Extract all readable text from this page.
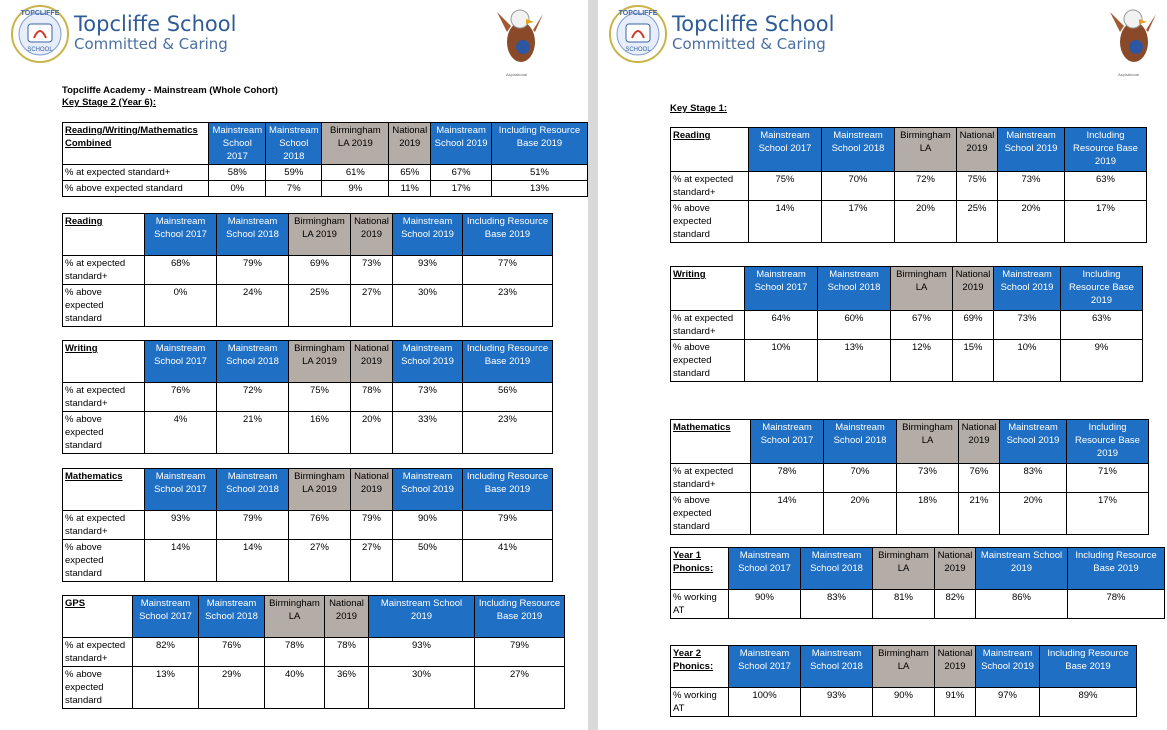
TOPCLIFFE
SCHOOL
Topcliffe School
Committed & Caring
Aspirational
Topcliffe Academy - Mainstream (Whole Cohort)
Key Stage 2 (Year 6):
Reading/Writing/Mathematics Combined	Mainstream School 2017	Mainstream School 2018	Birmingham LA 2019	National 2019	Mainstream School 2019	Including Resource Base 2019
% at expected standard+	58%	59%	61%	65%	67%	51%
% above expected standard	0%	7%	9%	11%	17%	13%
Reading	Mainstream School 2017	Mainstream School 2018	Birmingham LA 2019	National 2019	Mainstream School 2019	Including Resource Base 2019
% at expected standard+	68%	79%	69%	73%	93%	77%
% above expected standard	0%	24%	25%	27%	30%	23%
Writing	Mainstream School 2017	Mainstream School 2018	Birmingham LA 2019	National 2019	Mainstream School 2019	Including Resource Base 2019
% at expected standard+	76%	72%	75%	78%	73%	56%
% above expected standard	4%	21%	16%	20%	33%	23%
Mathematics	Mainstream School 2017	Mainstream School 2018	Birmingham LA 2019	National 2019	Mainstream School 2019	Including Resource Base 2019
% at expected standard+	93%	79%	76%	79%	90%	79%
% above expected standard	14%	14%	27%	27%	50%	41%
GPS	Mainstream School 2017	Mainstream School 2018	Birmingham LA	National 2019	Mainstream School 2019	Including Resource Base 2019
% at expected standard+	82%	76%	78%	78%	93%	79%
% above expected standard	13%	29%	40%	36%	30%	27%
TOPCLIFFE
SCHOOL
Topcliffe School
Committed & Caring
Aspirational
Key Stage 1:
Reading	Mainstream School 2017	Mainstream School 2018	Birmingham LA	National 2019	Mainstream School 2019	Including Resource Base 2019
% at expected standard+	75%	70%	72%	75%	73%	63%
% above expected standard	14%	17%	20%	25%	20%	17%
Writing	Mainstream School 2017	Mainstream School 2018	Birmingham LA	National 2019	Mainstream School 2019	Including Resource Base 2019
% at expected standard+	64%	60%	67%	69%	73%	63%
% above expected standard	10%	13%	12%	15%	10%	9%
Mathematics	Mainstream School 2017	Mainstream School 2018	Birmingham LA	National 2019	Mainstream School 2019	Including Resource Base 2019
% at expected standard+	78%	70%	73%	76%	83%	71%
% above expected standard	14%	20%	18%	21%	20%	17%
Year 1 Phonics:	Mainstream School 2017	Mainstream School 2018	Birmingham LA	National 2019	Mainstream School 2019	Including Resource Base 2019
% working AT	90%	83%	81%	82%	86%	78%
Year 2 Phonics:	Mainstream School 2017	Mainstream School 2018	Birmingham LA	National 2019	Mainstream School 2019	Including Resource Base 2019
% working AT	100%	93%	90%	91%	97%	89%
